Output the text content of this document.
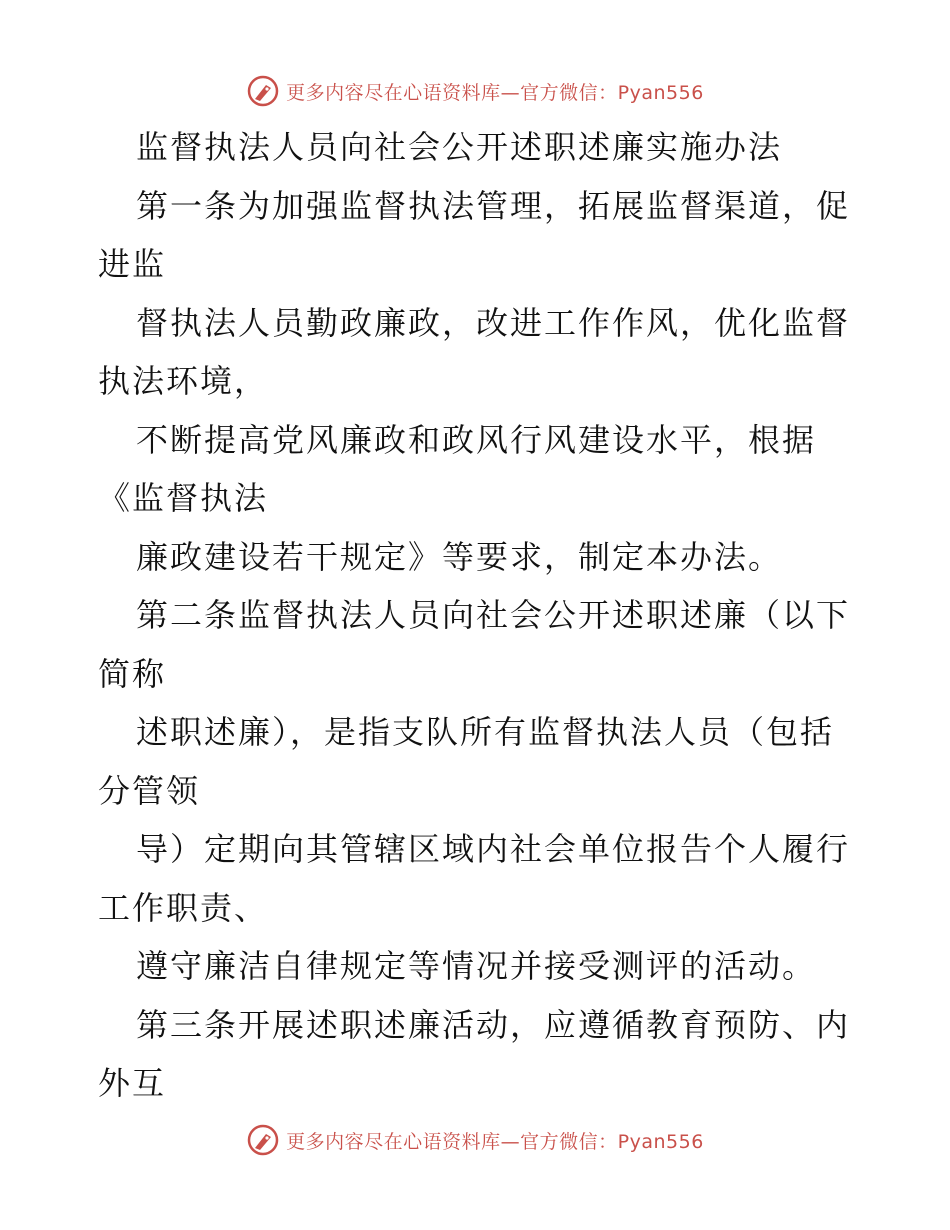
更多内容尽在心语资料库—官方微信：Pyan556
监督执法人员向社会公开述职述廉实施办法
第一条为加强监督执法管理，拓展监督渠道，促
进监
督执法人员勤政廉政，改进工作作风，优化监督
执法环境，
不断提高党风廉政和政风行风建设水平，根据
《监督执法
廉政建设若干规定》等要求，制定本办法。
第二条监督执法人员向社会公开述职述廉（以下
简称
述职述廉），是指支队所有监督执法人员（包括
分管领
导）定期向其管辖区域内社会单位报告个人履行
工作职责、
遵守廉洁自律规定等情况并接受测评的活动。
第三条开展述职述廉活动，应遵循教育预防、内
外互
更多内容尽在心语资料库—官方微信：Pyan556
